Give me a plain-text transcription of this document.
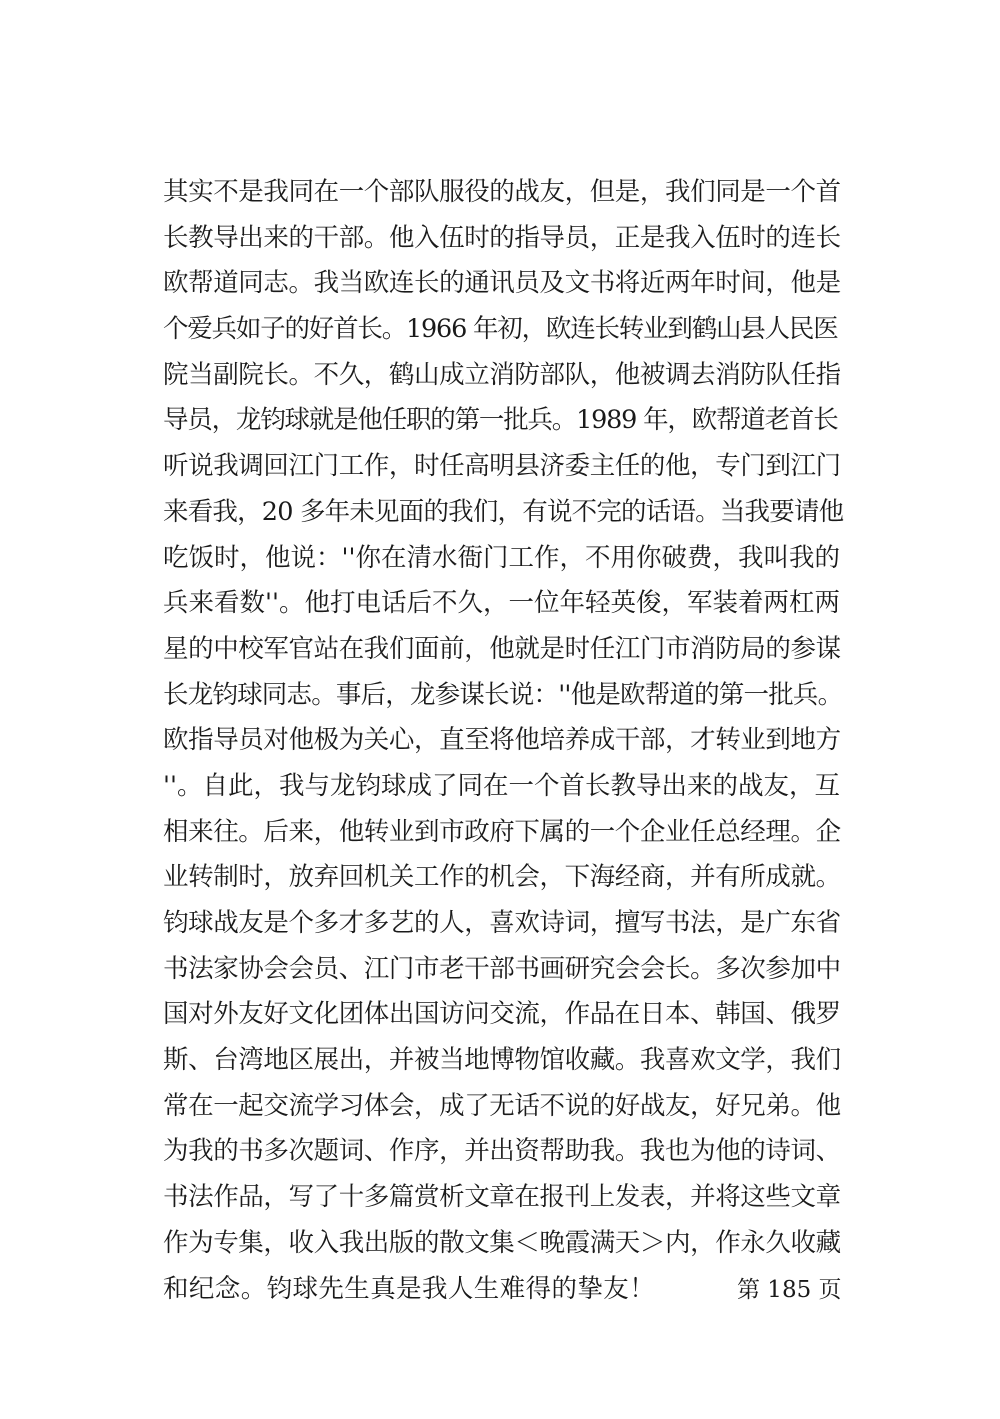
其实不是我同在一个部队服役的战友，但是，我们同是一个首
长教导出来的干部。他入伍时的指导员，正是我入伍时的连长
欧帮道同志。我当欧连长的通讯员及文书将近两年时间，他是
个爱兵如子的好首长。1966 年初，欧连长转业到鹤山县人民医
院当副院长。不久，鹤山成立消防部队，他被调去消防队任指
导员，龙钧球就是他任职的第一批兵。1989 年，欧帮道老首长
听说我调回江门工作，时任高明县济委主任的他，专门到江门
来看我，20 多年未见面的我们，有说不完的话语。当我要请他
吃饭时，他说：''你在清水衙门工作，不用你破费，我叫我的
兵来看数''。他打电话后不久，一位年轻英俊，军装着两杠两
星的中校军官站在我们面前，他就是时任江门市消防局的参谋
长龙钧球同志。事后，龙参谋长说：''他是欧帮道的第一批兵。
欧指导员对他极为关心，直至将他培养成干部，才转业到地方
''。自此，我与龙钧球成了同在一个首长教导出来的战友，互
相来往。后来，他转业到市政府下属的一个企业任总经理。企
业转制时，放弃回机关工作的机会，下海经商，并有所成就。
钧球战友是个多才多艺的人，喜欢诗词，擅写书法，是广东省
书法家协会会员、江门市老干部书画研究会会长。多次参加中
国对外友好文化团体出国访问交流，作品在日本、韩国、俄罗
斯、台湾地区展出，并被当地博物馆收藏。我喜欢文学，我们
常在一起交流学习体会，成了无话不说的好战友，好兄弟。他
为我的书多次题词、作序，并出资帮助我。我也为他的诗词、
书法作品，写了十多篇赏析文章在报刊上发表，并将这些文章
作为专集，收入我出版的散文集＜晚霞满天＞内，作永久收藏
和纪念。钧球先生真是我人生难得的挚友！	第 185 页
